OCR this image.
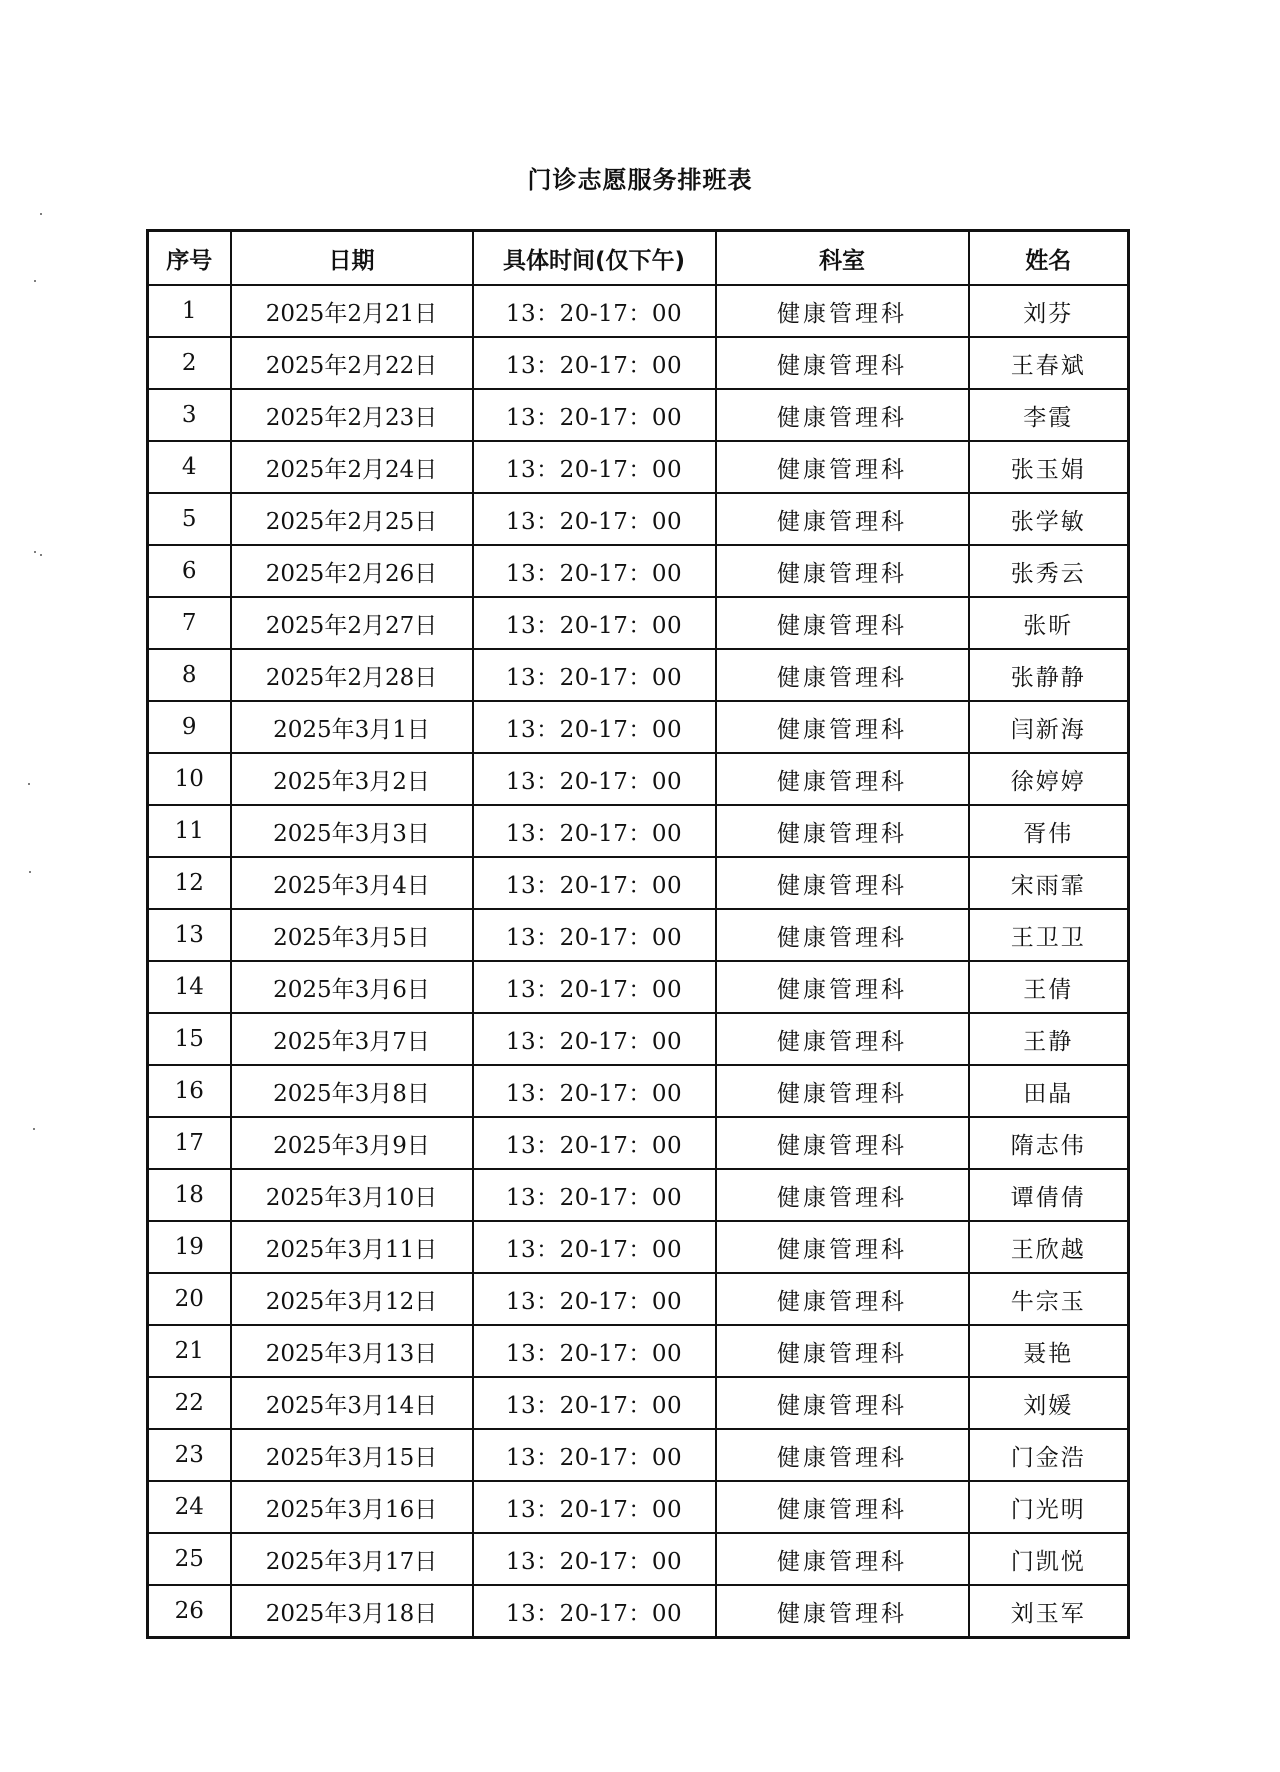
门诊志愿服务排班表
序号	日期	具体时间(仅下午)	科室	姓名
1	2025年2月21日	13：20-17：00	健康管理科	刘芬
2	2025年2月22日	13：20-17：00	健康管理科	王春斌
3	2025年2月23日	13：20-17：00	健康管理科	李霞
4	2025年2月24日	13：20-17：00	健康管理科	张玉娟
5	2025年2月25日	13：20-17：00	健康管理科	张学敏
6	2025年2月26日	13：20-17：00	健康管理科	张秀云
7	2025年2月27日	13：20-17：00	健康管理科	张昕
8	2025年2月28日	13：20-17：00	健康管理科	张静静
9	2025年3月1日	13：20-17：00	健康管理科	闫新海
10	2025年3月2日	13：20-17：00	健康管理科	徐婷婷
11	2025年3月3日	13：20-17：00	健康管理科	胥伟
12	2025年3月4日	13：20-17：00	健康管理科	宋雨霏
13	2025年3月5日	13：20-17：00	健康管理科	王卫卫
14	2025年3月6日	13：20-17：00	健康管理科	王倩
15	2025年3月7日	13：20-17：00	健康管理科	王静
16	2025年3月8日	13：20-17：00	健康管理科	田晶
17	2025年3月9日	13：20-17：00	健康管理科	隋志伟
18	2025年3月10日	13：20-17：00	健康管理科	谭倩倩
19	2025年3月11日	13：20-17：00	健康管理科	王欣越
20	2025年3月12日	13：20-17：00	健康管理科	牛宗玉
21	2025年3月13日	13：20-17：00	健康管理科	聂艳
22	2025年3月14日	13：20-17：00	健康管理科	刘媛
23	2025年3月15日	13：20-17：00	健康管理科	门金浩
24	2025年3月16日	13：20-17：00	健康管理科	门光明
25	2025年3月17日	13：20-17：00	健康管理科	门凯悦
26	2025年3月18日	13：20-17：00	健康管理科	刘玉军
